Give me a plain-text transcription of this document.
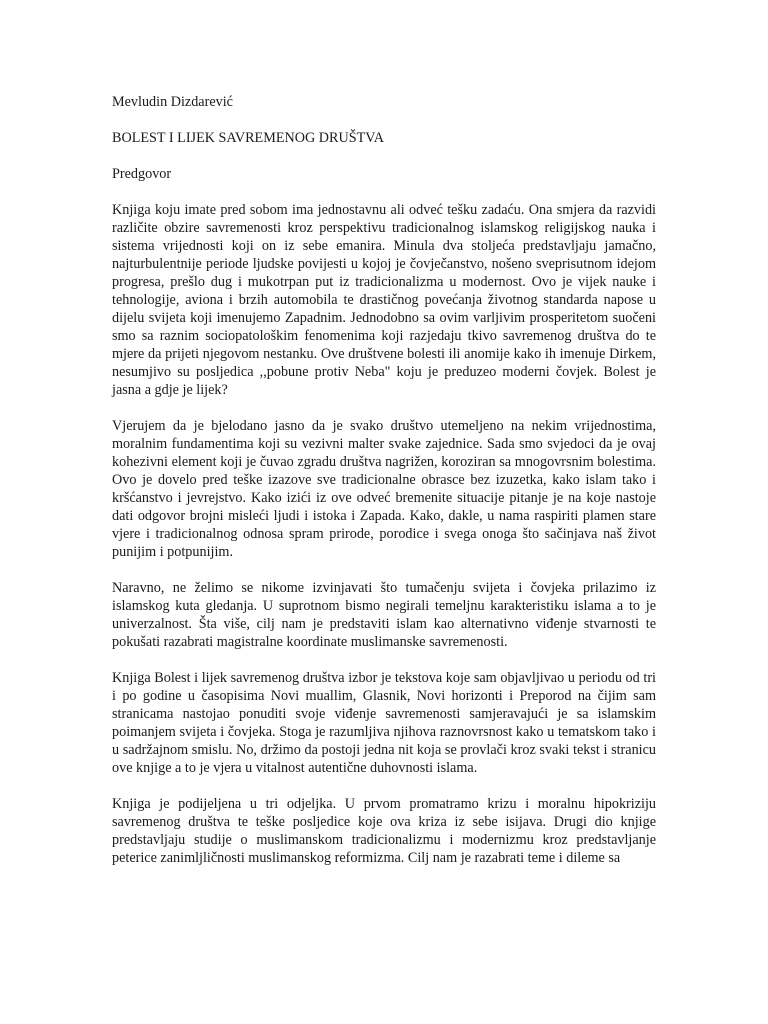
Mevludin Dizdarević

BOLEST I LIJEK SAVREMENOG DRUŠTVA
Predgovor

Knjiga koju imate pred sobom ima jednostavnu ali odveć tešku zadaću. Ona smjera da razvidi različite obzire savremenosti kroz perspektivu tradicionalnog islamskog religijskog nauka i sistema vrijednosti koji on iz sebe emanira. Minula dva stoljeća predstavljaju jamačno, najturbulentnije periode ljudske povijesti u kojoj je čovječanstvo, nošeno sveprisutnom idejom progresa, prešlo dug i mukotrpan put iz tradicionalizma u modernost. Ovo je vijek nauke i tehnologije, aviona i brzih automobila te drastičnog povećanja životnog standarda napose u dijelu svijeta koji imenujemo Zapadnim. Jednodobno sa ovim varljivim prosperitetom suočeni smo sa raznim sociopatološkim fenomenima koji razjedaju tkivo savremenog društva do te mjere da prijeti njegovom nestanku. Ove društvene bolesti ili anomije kako ih imenuje Dirkem, nesumjivo su posljedica ,,pobune protiv Neba" koju je preduzeo moderni čovjek. Bolest je jasna a gdje je lijek?

Vjerujem da je bjelodano jasno da je svako društvo utemeljeno na nekim vrijednostima, moralnim fundamentima koji su vezivni malter svake zajednice. Sada smo svjedoci da je ovaj kohezivni element koji je čuvao zgradu društva nagrižen, koroziran sa mnogovrsnim bolestima. Ovo je dovelo pred teške izazove sve tradicionalne obrasce bez izuzetka, kako islam tako i kršćanstvo i jevrejstvo. Kako izići iz ove odveć bremenite situacije pitanje je na koje nastoje dati odgovor brojni misleći ljudi i istoka i Zapada. Kako, dakle, u nama raspiriti plamen stare vjere i tradicionalnog odnosa spram prirode, porodice i svega onoga što sačinjava naš život punijim i potpunijim.

Naravno, ne želimo se nikome izvinjavati što tumačenju svijeta i čovjeka prilazimo iz islamskog kuta gledanja. U suprotnom bismo negirali temeljnu karakteristiku islama a to je univerzalnost. Šta više, cilj nam je predstaviti islam kao alternativno viđenje stvarnosti te pokušati razabrati magistralne koordinate muslimanske savremenosti.

Knjiga Bolest i lijek savremenog društva izbor je tekstova koje sam objavljivao u periodu od tri i po godine u časopisima Novi muallim, Glasnik, Novi horizonti i Preporod na čijim sam stranicama nastojao ponuditi svoje viđenje savremenosti samjeravajući je sa islamskim poimanjem svijeta i čovjeka. Stoga je razumljiva njihova raznovrsnost kako u tematskom tako i u sadržajnom smislu. No, držimo da postoji jedna nit koja se provlači kroz svaki tekst i stranicu ove knjige a to je vjera u vitalnost autentične duhovnosti islama.

Knjiga je podijeljena u tri odjeljka. U prvom promatramo krizu i moralnu hipokriziju savremenog društva te teške posljedice koje ova kriza iz sebe isijava. Drugi dio knjige predstavljaju studije o muslimanskom tradicionalizmu i modernizmu kroz predstavljanje peterice zanimljličnosti muslimanskog reformizma. Cilj nam je razabrati teme i dileme sa
